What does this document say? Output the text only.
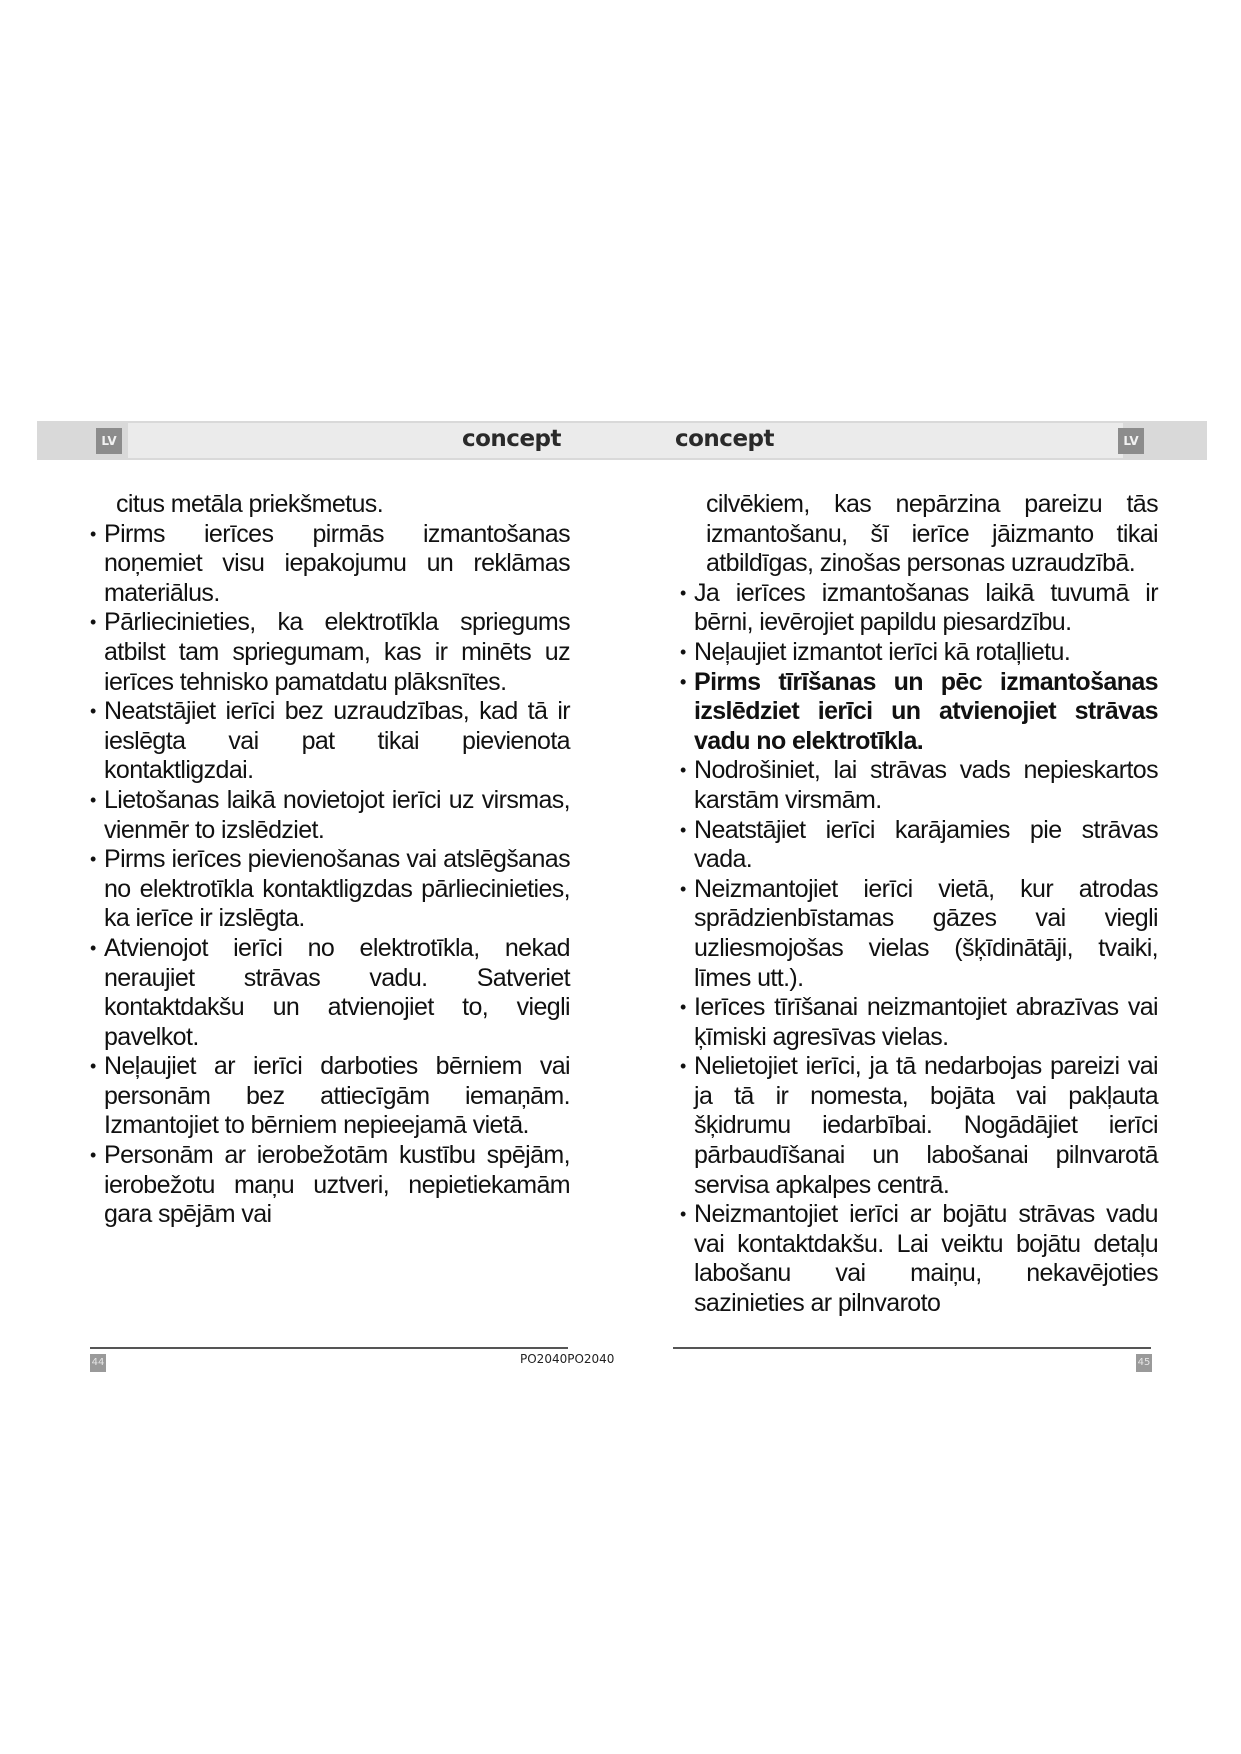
LV	LV
concept	concept

citus metāla priekšmetus.

• Pirms ierīces pirmās izmantošanas noņemiet visu iepakojumu un reklāmas materiālus.

• Pārliecinieties, ka elektrotīkla spriegums atbilst tam spriegumam, kas ir minēts uz ierīces tehnisko pamatdatu plāksnītes.

• Neatstājiet ierīci bez uzraudzības, kad tā ir ieslēgta vai pat tikai pievienota kontaktligzdai.

• Lietošanas laikā novietojot ierīci uz virsmas, vienmēr to izslēdziet.

• Pirms ierīces pievienošanas vai atslēgšanas no elektrotīkla kontaktligzdas pārliecinieties, ka ierīce ir izslēgta.

• Atvienojot ierīci no elektrotīkla, nekad neraujiet strāvas vadu. Satveriet kontaktdakšu un atvienojiet to, viegli pavelkot.

• Neļaujiet ar ierīci darboties bērniem vai personām bez attiecīgām iemaņām. Izmantojiet to bērniem nepieejamā vietā.

• Personām ar ierobežotām kustību spējām, ierobežotu maņu uztveri, nepietiekamām gara spējām vai

cilvēkiem, kas nepārzina pareizu tās izmantošanu, šī ierīce jāizmanto tikai atbildīgas, zinošas personas uzraudzībā.

• Ja ierīces izmantošanas laikā tuvumā ir bērni, ievērojiet papildu piesardzību.

• Neļaujiet izmantot ierīci kā rotaļlietu.

• Pirms tīrīšanas un pēc izmantošanas izslēdziet ierīci un atvienojiet strāvas vadu no elektrotīkla.

• Nodrošiniet, lai strāvas vads nepieskartos karstām virsmām.

• Neatstājiet ierīci karājamies pie strāvas vada.

• Neizmantojiet ierīci vietā, kur atrodas sprādzienbīstamas gāzes vai viegli uzliesmojošas vielas (šķīdinātāji, tvaiki, līmes utt.).

• Ierīces tīrīšanai neizmantojiet abrazīvas vai ķīmiski agresīvas vielas.

• Nelietojiet ierīci, ja tā nedarbojas pareizi vai ja tā ir nomesta, bojāta vai pakļauta šķidrumu iedarbībai. Nogādājiet ierīci pārbaudīšanai un labošanai pilnvarotā servisa apkalpes centrā.

• Neizmantojiet ierīci ar bojātu strāvas vadu vai kontaktdakšu. Lai veiktu bojātu detaļu labošanu vai maiņu, nekavējoties sazinieties ar pilnvaroto

44	45
PO2040PO2040
